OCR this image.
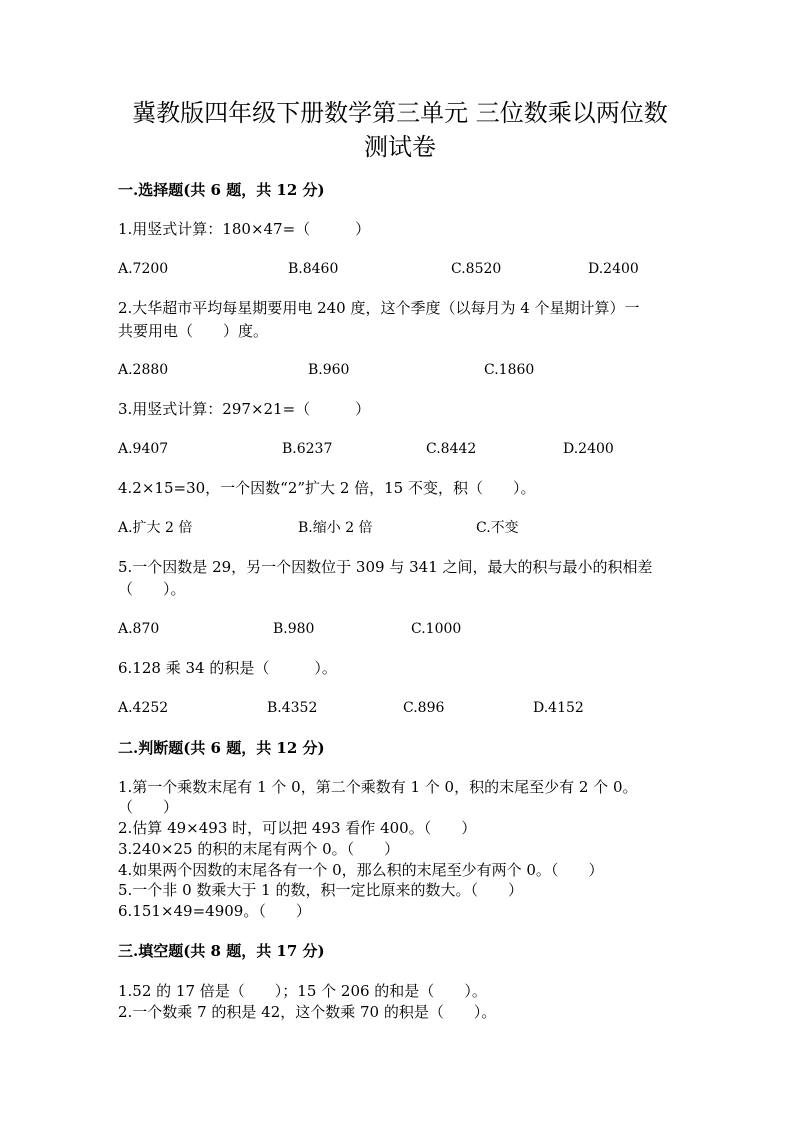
冀教版四年级下册数学第三单元 三位数乘以两位数
测试卷
一.选择题(共 6 题，共 12 分)
1.用竖式计算：180×47=（　　　）
A.7200	B.8460	C.8520	D.2400
2.大华超市平均每星期要用电 240 度，这个季度（以每月为 4 个星期计算）一
共要用电（　　）度。
A.2880	B.960	C.1860
3.用竖式计算：297×21=（　　　）
A.9407	B.6237	C.8442	D.2400
4.2×15=30，一个因数“2”扩大 2 倍，15 不变，积（　　）。
A.扩大 2 倍	B.缩小 2 倍	C.不变
5.一个因数是 29，另一个因数位于 309 与 341 之间，最大的积与最小的积相差
（　　）。
A.870	B.980	C.1000
6.128 乘 34 的积是（　　　）。
A.4252	B.4352	C.896	D.4152
二.判断题(共 6 题，共 12 分)
1.第一个乘数末尾有 1 个 0，第二个乘数有 1 个 0，积的末尾至少有 2 个 0。
（　　）
2.估算 49×493 时，可以把 493 看作 400。（　　）
3.240×25 的积的末尾有两个 0。（　　）
4.如果两个因数的末尾各有一个 0，那么积的末尾至少有两个 0。（　　）
5.一个非 0 数乘大于 1 的数，积一定比原来的数大。（　　）
6.151×49=4909。（　　）
三.填空题(共 8 题，共 17 分)
1.52 的 17 倍是（　　）；15 个 206 的和是（　　）。
2.一个数乘 7 的积是 42，这个数乘 70 的积是（　　）。
